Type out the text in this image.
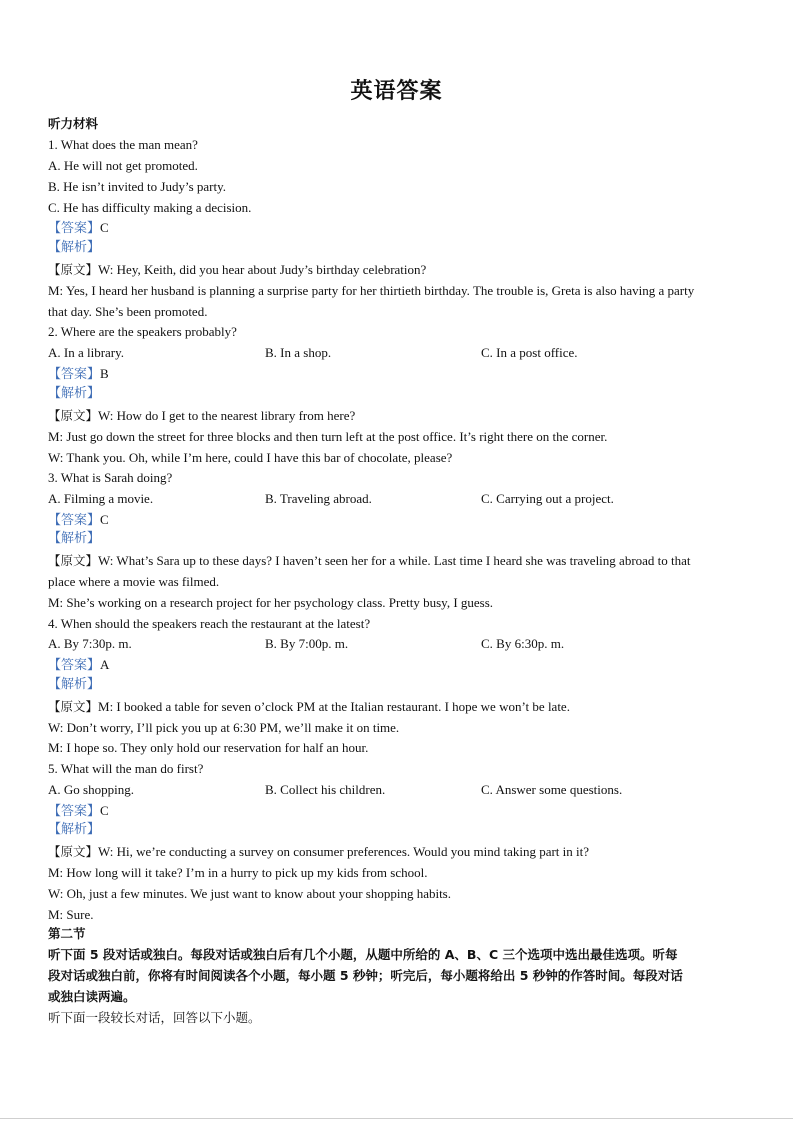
英语答案
听力材料
1. What does the man mean?
A. He will not get promoted.
B. He isn’t invited to Judy’s party.
C. He has difficulty making a decision.
【答案】C
【解析】
【原文】W: Hey, Keith, did you hear about Judy’s birthday celebration?
M: Yes, I heard her husband is planning a surprise party for her thirtieth birthday. The trouble is, Greta is also having a party
that day. She’s been promoted.
2. Where are the speakers probably?
A. In a library.	B. In a shop.	C. In a post office.
【答案】B
【解析】
【原文】W: How do I get to the nearest library from here?
M: Just go down the street for three blocks and then turn left at the post office. It’s right there on the corner.
W: Thank you. Oh, while I’m here, could I have this bar of chocolate, please?
3. What is Sarah doing?
A. Filming a movie.	B. Traveling abroad.	C. Carrying out a project.
【答案】C
【解析】
【原文】W: What’s Sara up to these days? I haven’t seen her for a while. Last time I heard she was traveling abroad to that
place where a movie was filmed.
M: She’s working on a research project for her psychology class. Pretty busy, I guess.
4. When should the speakers reach the restaurant at the latest?
A. By 7:30p. m.	B. By 7:00p. m.	C. By 6:30p. m.
【答案】A
【解析】
【原文】M: I booked a table for seven o’clock PM at the Italian restaurant. I hope we won’t be late.
W: Don’t worry, I’ll pick you up at 6:30 PM, we’ll make it on time.
M: I hope so. They only hold our reservation for half an hour.
5. What will the man do first?
A. Go shopping.	B. Collect his children.	C. Answer some questions.
【答案】C
【解析】
【原文】W: Hi, we’re conducting a survey on consumer preferences. Would you mind taking part in it?
M: How long will it take? I’m in a hurry to pick up my kids from school.
W: Oh, just a few minutes. We just want to know about your shopping habits.
M: Sure.
第二节
听下面 5 段对话或独白。每段对话或独白后有几个小题，从题中所给的 A、B、C 三个选项中选出最佳选项。听每
段对话或独白前，你将有时间阅读各个小题，每小题 5 秒钟；听完后，每小题将给出 5 秒钟的作答时间。每段对话
或独白读两遍。
听下面一段较长对话，回答以下小题。
